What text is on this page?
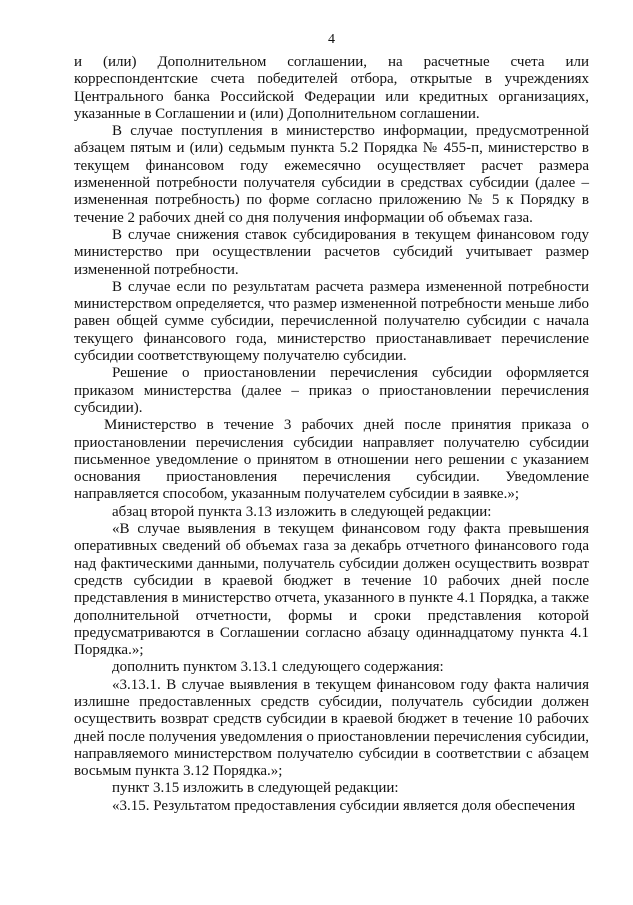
4

и (или) Дополнительном соглашении, на расчетные счета или корреспондентские счета победителей отбора, открытые в учреждениях Центрального банка Российской Федерации или кредитных организациях, указанные в Соглашении и (или) Дополнительном соглашении.

В случае поступления в министерство информации, предусмотренной абзацем пятым и (или) седьмым пункта 5.2 Порядка № 455-п, министерство в текущем финансовом году ежемесячно осуществляет расчет размера измененной потребности получателя субсидии в средствах субсидии (далее – измененная потребность) по форме согласно приложению № 5 к Порядку в течение 2 рабочих дней со дня получения информации об объемах газа.

В случае снижения ставок субсидирования в текущем финансовом году министерство при осуществлении расчетов субсидий учитывает размер измененной потребности.

В случае если по результатам расчета размера измененной потребности министерством определяется, что размер измененной потребности меньше либо равен общей сумме субсидии, перечисленной получателю субсидии с начала текущего финансового года, министерство приостанавливает перечисление субсидии соответствующему получателю субсидии.

Решение о приостановлении перечисления субсидии оформляется приказом министерства (далее – приказ о приостановлении перечисления субсидии).

Министерство в течение 3 рабочих дней после принятия приказа о приостановлении перечисления субсидии направляет получателю субсидии письменное уведомление о принятом в отношении него решении с указанием основания приостановления перечисления субсидии. Уведомление направляется способом, указанным получателем субсидии в заявке.»;

абзац второй пункта 3.13 изложить в следующей редакции:

«В случае выявления в текущем финансовом году факта превышения оперативных сведений об объемах газа за декабрь отчетного финансового года над фактическими данными, получатель субсидии должен осуществить возврат средств субсидии в краевой бюджет в течение 10 рабочих дней после представления в министерство отчета, указанного в пункте 4.1 Порядка, а также дополнительной отчетности, формы и сроки представления которой предусматриваются в Соглашении согласно абзацу одиннадцатому пункта 4.1 Порядка.»;

дополнить пунктом 3.13.1 следующего содержания:

«3.13.1. В случае выявления в текущем финансовом году факта наличия излишне предоставленных средств субсидии, получатель субсидии должен осуществить возврат средств субсидии в краевой бюджет в течение 10 рабочих дней после получения уведомления о приостановлении перечисления субсидии, направляемого министерством получателю субсидии в соответствии с абзацем восьмым пункта 3.12 Порядка.»;

пункт 3.15 изложить в следующей редакции:

«3.15. Результатом предоставления субсидии является доля обеспечения
